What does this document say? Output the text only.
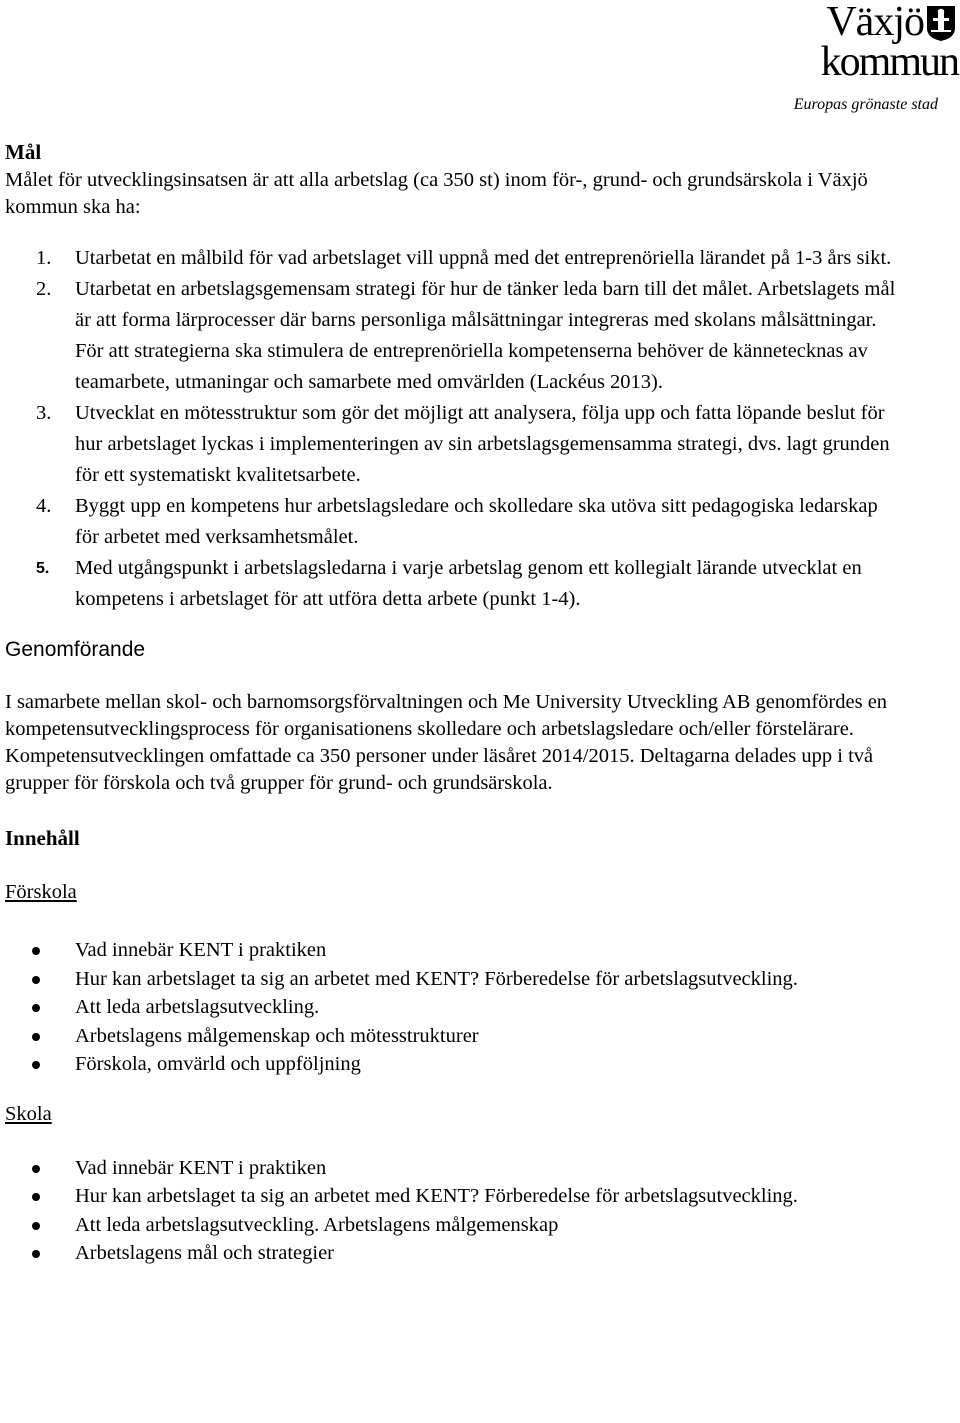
Växjö
kommun
Europas grönaste stad
Mål

Målet för utvecklingsinsatsen är att alla arbetslag (ca 350 st) inom för-, grund- och grundsärskola i Växjö kommun ska ha:

1.	Utarbetat en målbild för vad arbetslaget vill uppnå med det entreprenöriella lärandet på 1-3 års sikt.
2.	Utarbetat en arbetslagsgemensam strategi för hur de tänker leda barn till det målet. Arbetslagets mål är att forma lärprocesser där barns personliga målsättningar integreras med skolans målsättningar. För att strategierna ska stimulera de entreprenöriella kompetenserna behöver de kännetecknas av teamarbete, utmaningar och samarbete med omvärlden (Lackéus 2013).
3.	Utvecklat en mötesstruktur som gör det möjligt att analysera, följa upp och fatta löpande beslut för hur arbetslaget lyckas i implementeringen av sin arbetslagsgemensamma strategi, dvs. lagt grunden för ett systematiskt kvalitetsarbete.
4.	Byggt upp en kompetens hur arbetslagsledare och skolledare ska utöva sitt pedagogiska ledarskap för arbetet med verksamhetsmålet.
5.	Med utgångspunkt i arbetslagsledarna i varje arbetslag genom ett kollegialt lärande utvecklat en kompetens i arbetslaget för att utföra detta arbete (punkt 1-4).
Genomförande

I samarbete mellan skol- och barnomsorgsförvaltningen och Me University Utveckling AB genomfördes en kompetensutvecklingsprocess för organisationens skolledare och arbetslagsledare och/eller förstelärare. Kompetensutvecklingen omfattade ca 350 personer under läsåret 2014/2015. Deltagarna delades upp i två grupper för förskola och två grupper för grund- och grundsärskola.

Innehåll

Förskola

Vad innebär KENT i praktiken
Hur kan arbetslaget ta sig an arbetet med KENT? Förberedelse för arbetslagsutveckling.
Att leda arbetslagsutveckling.
Arbetslagens målgemenskap och mötesstrukturer
Förskola, omvärld och uppföljning

Skola

Vad innebär KENT i praktiken
Hur kan arbetslaget ta sig an arbetet med KENT? Förberedelse för arbetslagsutveckling.
Att leda arbetslagsutveckling. Arbetslagens målgemenskap
Arbetslagens mål och strategier
